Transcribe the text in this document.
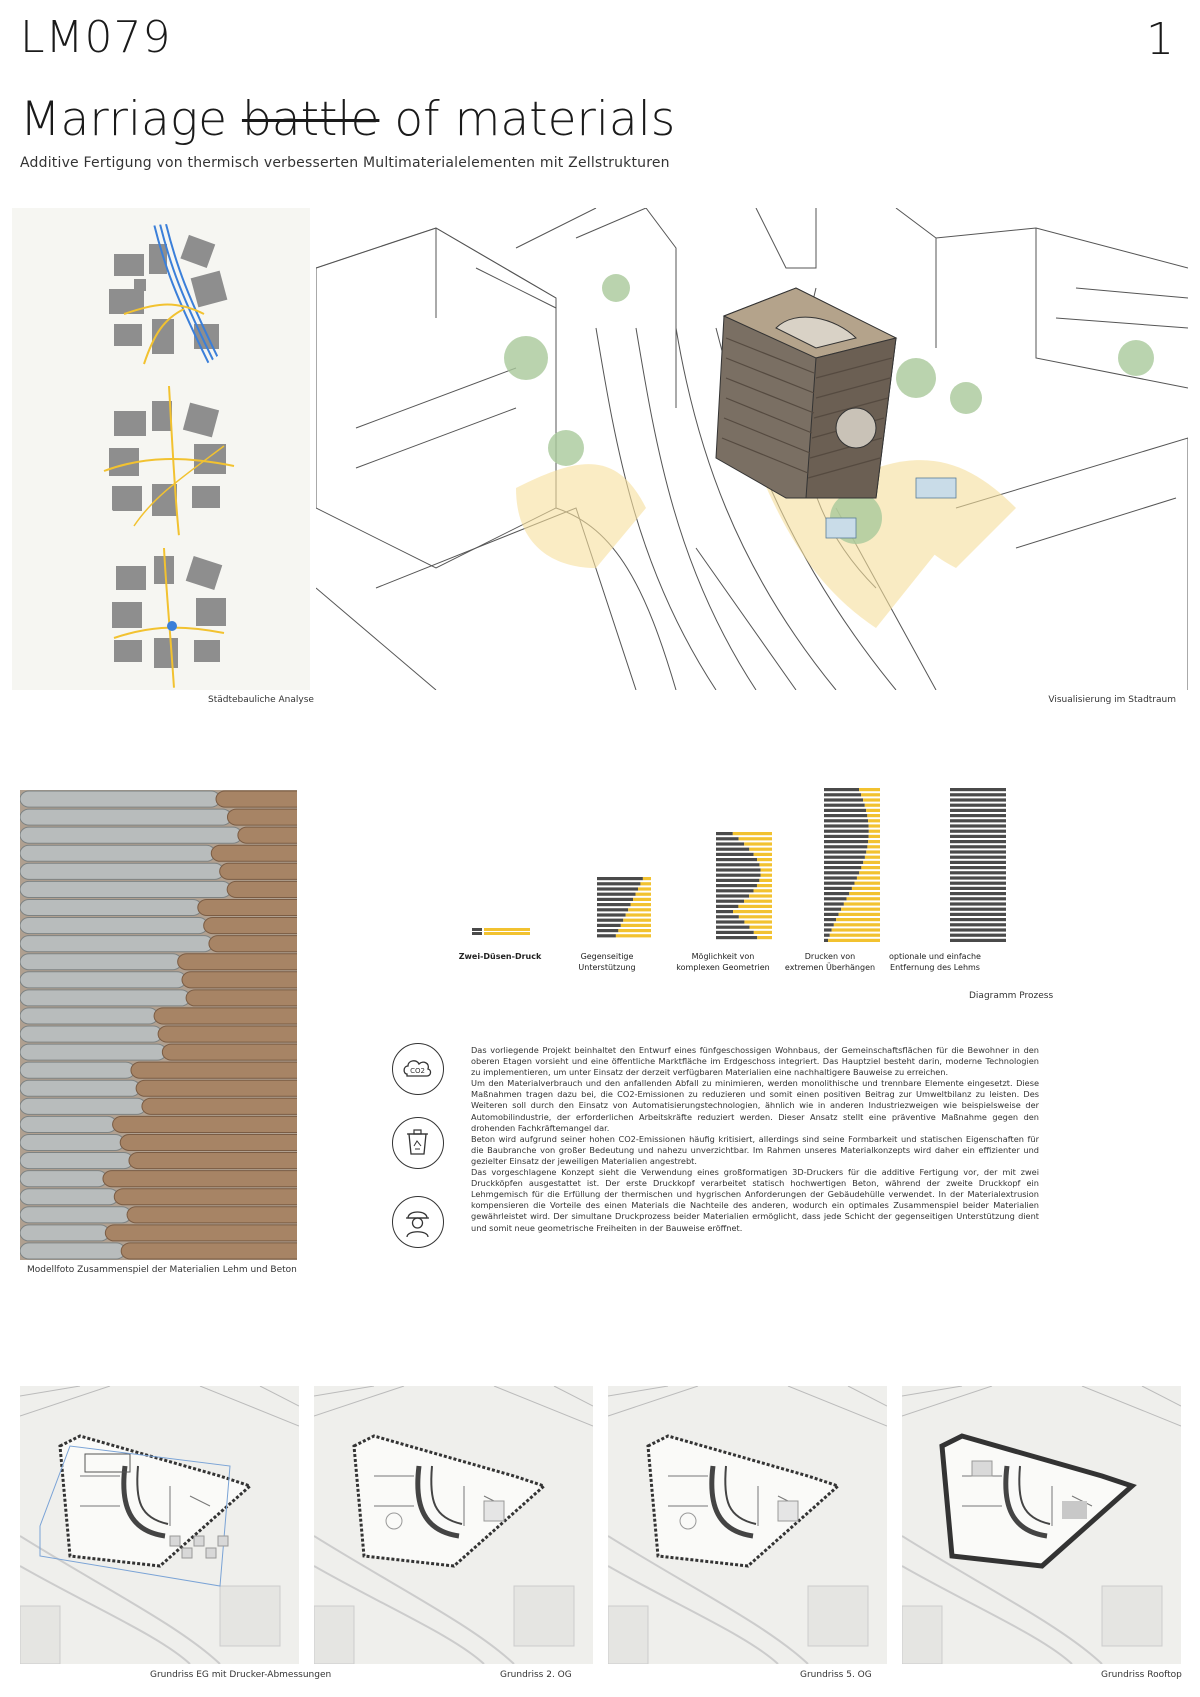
LM079	1
Marriage battle of materials
Additive Fertigung von thermisch verbesserten Multimaterialelementen mit Zellstrukturen
Städtebauliche Analyse	Visualisierung im Stadtraum
Modellfoto Zusammenspiel der Materialien Lehm und Beton
Zwei-Düsen-Druck	Gegenseitige
Unterstützung
Möglichkeit von
komplexen Geometrien
Drucken von
extremen Überhängen
optionale und einfache
Entfernung des Lehms
Diagramm Prozess
CO2

Das vorliegende Projekt beinhaltet den Entwurf eines fünfgeschossigen Wohnbaus, der Gemeinschaftsflächen für die Bewohner in den oberen Etagen vorsieht und eine öffentliche Marktfläche im Erdgeschoss integriert. Das Hauptziel besteht darin, moderne Technologien zu implementieren, um unter Einsatz der derzeit verfügbaren Materialien eine nachhaltigere Bauweise zu erreichen.

Um den Materialverbrauch und den anfallenden Abfall zu minimieren, werden monolithische und trennbare Elemente eingesetzt. Diese Maßnahmen tragen dazu bei, die CO2-Emissionen zu reduzieren und somit einen positiven Beitrag zur Umweltbilanz zu leisten. Des Weiteren soll durch den Einsatz von Automatisierungstechnologien, ähnlich wie in anderen Industriezweigen wie beispielsweise der Automobilindustrie, der erforderlichen Arbeitskräfte reduziert werden. Dieser Ansatz stellt eine präventive Maßnahme gegen den drohenden Fachkräftemangel dar.

Beton wird aufgrund seiner hohen CO2-Emissionen häufig kritisiert, allerdings sind seine Formbarkeit und statischen Eigenschaften für die Baubranche von großer Bedeutung und nahezu unverzichtbar. Im Rahmen unseres Materialkonzepts wird daher ein effizienter und gezielter Einsatz der jeweiligen Materialien angestrebt.

Das vorgeschlagene Konzept sieht die Verwendung eines großformatigen 3D-Druckers für die additive Fertigung vor, der mit zwei Druckköpfen ausgestattet ist. Der erste Druckkopf verarbeitet statisch hochwertigen Beton, während der zweite Druckkopf ein Lehmgemisch für die Erfüllung der thermischen und hygrischen Anforderungen der Gebäudehülle verwendet. In der Materialextrusion kompensieren die Vorteile des einen Materials die Nachteile des anderen, wodurch ein optimales Zusammenspiel beider Materialien gewährleistet wird. Der simultane Druckprozess beider Materialien ermöglicht, dass jede Schicht der gegenseitigen Unterstützung dient und somit neue geometrische Freiheiten in der Bauweise eröffnet.

Grundriss EG mit Drucker-Abmessungen	Grundriss 2. OG	Grundriss 5. OG	Grundriss Rooftop
